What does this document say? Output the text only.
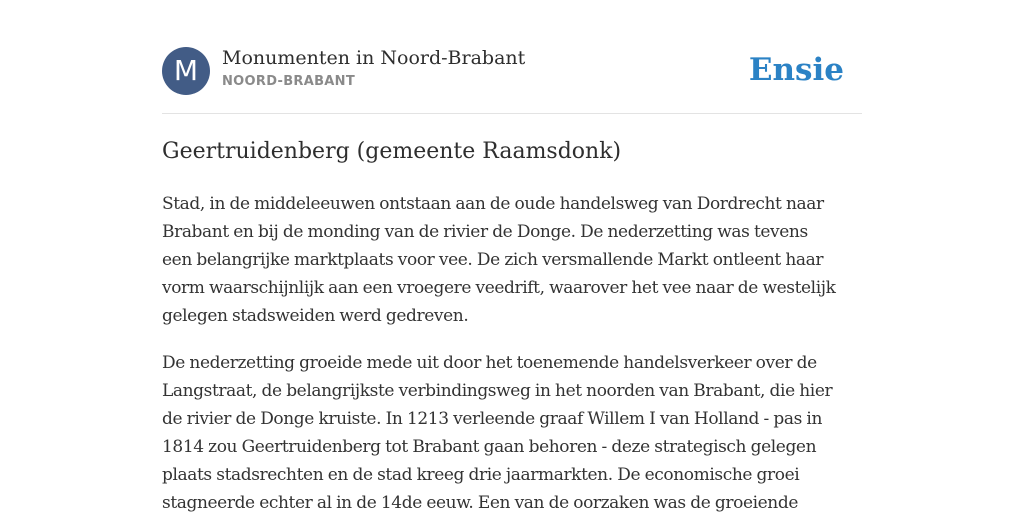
M	Monumenten in Noord-Brabant
NOORD-BRABANT	Ensie
Geertruidenberg (gemeente Raamsdonk)

Stad, in de middeleeuwen ontstaan aan de oude handelsweg van Dordrecht naar
Brabant en bij de monding van de rivier de Donge. De nederzetting was tevens
een belangrijke marktplaats voor vee. De zich versmallende Markt ontleent haar
vorm waarschijnlijk aan een vroegere veedrift, waarover het vee naar de westelijk
gelegen stadsweiden werd gedreven.

De nederzetting groeide mede uit door het toenemende handelsverkeer over de
Langstraat, de belangrijkste verbindingsweg in het noorden van Brabant, die hier
de rivier de Donge kruiste. In 1213 verleende graaf Willem I van Holland - pas in
1814 zou Geertruidenberg tot Brabant gaan behoren - deze strategisch gelegen
plaats stadsrechten en de stad kreeg drie jaarmarkten. De economische groei
stagneerde echter al in de 14de eeuw. Een van de oorzaken was de groeiende
